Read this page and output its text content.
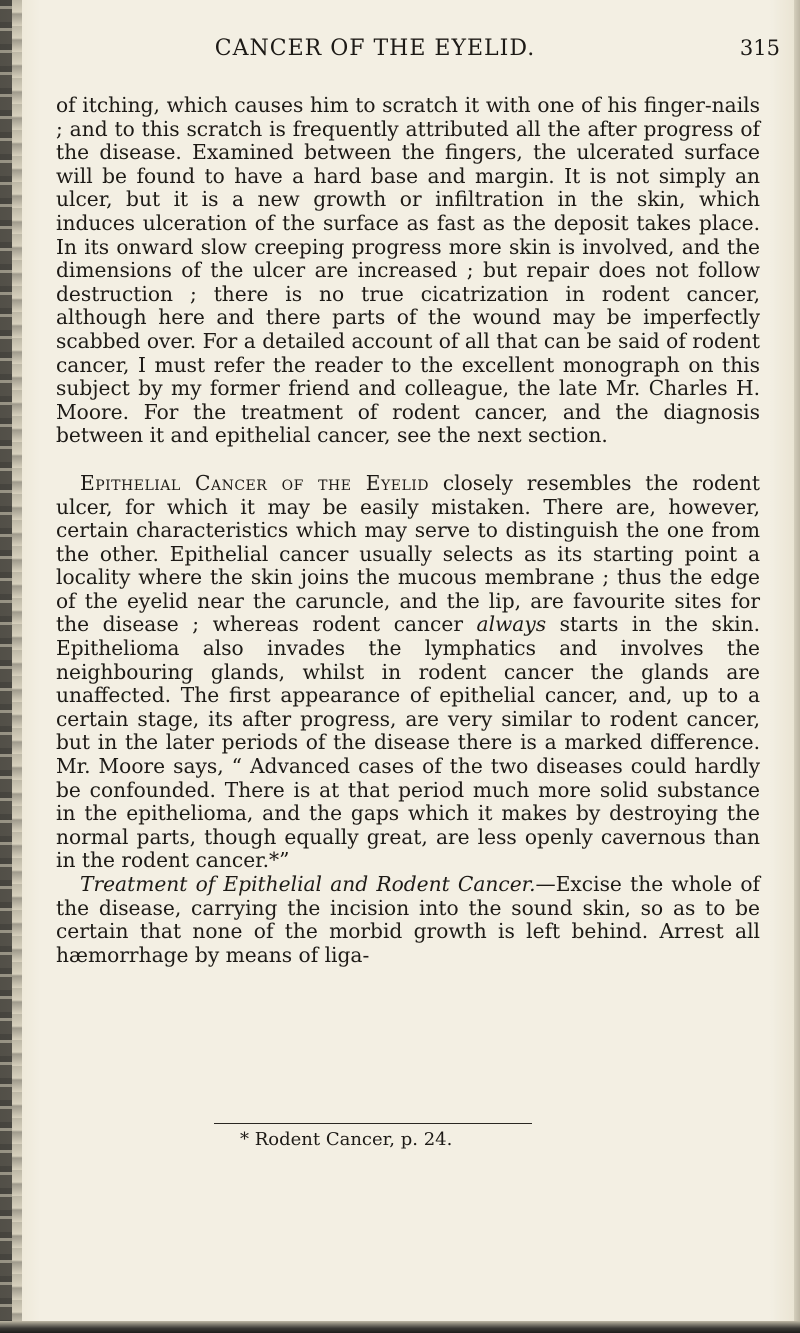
CANCER OF THE EYELID.	315

of itching, which causes him to scratch it with one of his finger-nails ; and to this scratch is frequently attributed all the after progress of the disease. Examined between the fingers, the ulcerated surface will be found to have a hard base and margin. It is not simply an ulcer, but it is a new growth or infiltration in the skin, which induces ulceration of the surface as fast as the deposit takes place. In its onward slow creeping progress more skin is involved, and the dimensions of the ulcer are increased ; but repair does not follow destruction ; there is no true cicatrization in rodent cancer, although here and there parts of the wound may be imperfectly scabbed over. For a detailed account of all that can be said of rodent cancer, I must refer the reader to the excellent monograph on this subject by my former friend and colleague, the late Mr. Charles H. Moore. For the treatment of rodent cancer, and the diagnosis between it and epithelial cancer, see the next section.

Epithelial Cancer of the Eyelid closely resembles the rodent ulcer, for which it may be easily mistaken. There are, however, certain characteristics which may serve to distinguish the one from the other. Epithelial cancer usually selects as its starting point a locality where the skin joins the mucous membrane ; thus the edge of the eyelid near the caruncle, and the lip, are favourite sites for the disease ; whereas rodent cancer always starts in the skin. Epithelioma also invades the lymphatics and involves the neighbouring glands, whilst in rodent cancer the glands are unaffected. The first appearance of epithelial cancer, and, up to a certain stage, its after progress, are very similar to rodent cancer, but in the later periods of the disease there is a marked difference. Mr. Moore says, “ Advanced cases of the two diseases could hardly be confounded. There is at that period much more solid substance in the epithelioma, and the gaps which it makes by destroying the normal parts, though equally great, are less openly cavernous than in the rodent cancer.*”

Treatment of Epithelial and Rodent Cancer.—Excise the whole of the disease, carrying the incision into the sound skin, so as to be certain that none of the morbid growth is left behind. Arrest all hæmorrhage by means of liga-

* Rodent Cancer, p. 24.
